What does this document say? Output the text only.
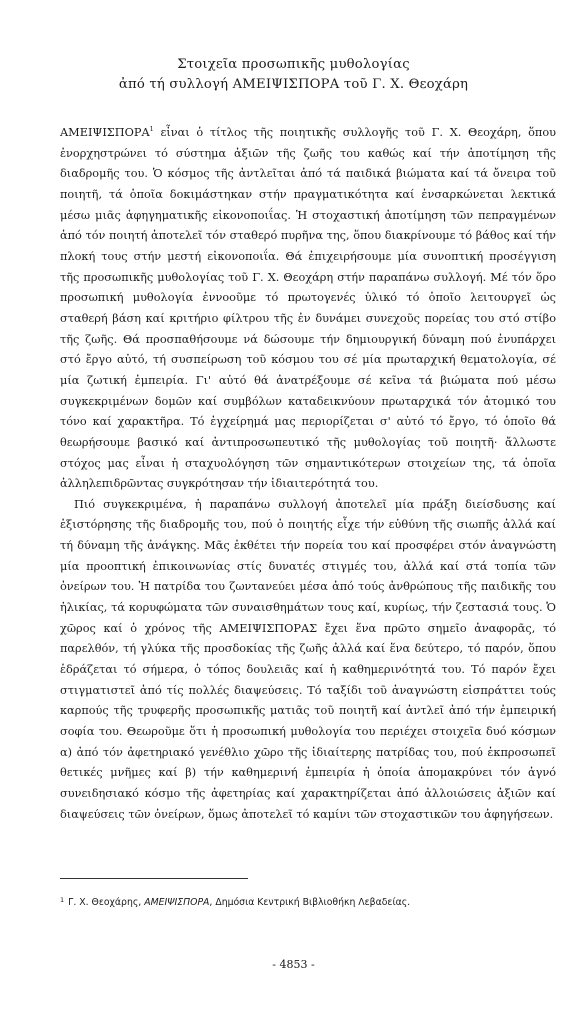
Στοιχεῖα προσωπικῆς μυθολογίας
ἀπό τή συλλογή ΑΜΕΙΨΙΣΠΟΡΑ τοῦ Γ. Χ. Θεοχάρη

ΑΜΕΙΨΙΣΠΟΡΑ$^1$ εἶναι ὁ τίτλος τῆς ποιητικῆς συλλογῆς τοῦ Γ. Χ. Θεοχάρη, ὅπου ἐνορχηστρώνει τό σύστημα ἀξιῶν τῆς ζωῆς του καθώς καί τήν ἀποτίμηση τῆς διαδρομῆς του. Ὁ κόσμος τῆς ἀντλεῖται ἀπό τά παιδικά βιώματα καί τά ὄνειρα τοῦ ποιητῆ, τά ὁποῖα δοκιμάστηκαν στήν πραγματικότητα καί ἐνσαρκώνεται λεκτικά μέσω μιᾶς ἀφηγηματικῆς εἰκονοποιΐας. Ἡ στοχαστική ἀποτίμηση τῶν πεπραγμένων ἀπό τόν ποιητή ἀποτελεῖ τόν σταθερό πυρῆνα της, ὅπου διακρίνουμε τό βάθος καί τήν πλοκή τους στήν μεστή εἰκονοποιΐα. Θά ἐπιχειρήσουμε μία συνοπτική προσέγγιση τῆς προσωπικῆς μυθολογίας τοῦ Γ. Χ. Θεοχάρη στήν παραπάνω συλλογή. Μέ τόν ὅρο προσωπική μυθολογία ἐννοοῦμε τό πρωτογενές ὑλικό τό ὁποῖο λειτουργεῖ ὡς σταθερή βάση καί κριτήριο φίλτρου τῆς ἐν δυνάμει συνεχοῦς πορείας του στό στίβο τῆς ζωῆς. Θά προσπαθήσουμε νά δώσουμε τήν δημιουργική δύναμη πού ἐνυπάρχει στό ἔργο αὐτό, τή συσπείρωση τοῦ κόσμου του σέ μία πρωταρχική θεματολογία, σέ μία ζωτική ἐμπειρία. Γι' αὐτό θά ἀνατρέξουμε σέ κεῖνα τά βιώματα πού μέσω συγκεκριμένων δομῶν καί συμβόλων καταδεικνύουν πρωταρχικά τόν ἀτομικό του τόνο καί χαρακτῆρα. Τό ἐγχείρημά μας περιορίζεται σ' αὐτό τό ἔργο, τό ὁποῖο θά θεωρήσουμε βασικό καί ἀντιπροσωπευτικό τῆς μυθολογίας τοῦ ποιητῆ· ἄλλωστε στόχος μας εἶναι ἡ σταχυολόγηση τῶν σημαντικότερων στοιχείων της, τά ὁποῖα ἀλληλεπιδρῶντας συγκρότησαν τήν ἰδιαιτερότητά του.

Πιό συγκεκριμένα, ἡ παραπάνω συλλογή ἀποτελεῖ μία πράξη διείσδυσης καί ἐξιστόρησης τῆς διαδρομῆς του, πού ὁ ποιητής εἶχε τήν εὐθύνη τῆς σιωπῆς ἀλλά καί τή δύναμη τῆς ἀνάγκης. Μᾶς ἐκθέτει τήν πορεία του καί προσφέρει στόν ἀναγνώστη μία προοπτική ἐπικοινωνίας στίς δυνατές στιγμές του, ἀλλά καί στά τοπία τῶν ὀνείρων του. Ἡ πατρίδα του ζωντανεύει μέσα ἀπό τούς ἀνθρώπους τῆς παιδικῆς του ἡλικίας, τά κορυφώματα τῶν συναισθημάτων τους καί, κυρίως, τήν ζεστασιά τους. Ὁ χῶρος καί ὁ χρόνος τῆς ΑΜΕΙΨΙΣΠΟΡΑΣ ἔχει ἕνα πρῶτο σημεῖο ἀναφορᾶς, τό παρελθόν, τή γλύκα τῆς προσδοκίας τῆς ζωῆς ἀλλά καί ἕνα δεύτερο, τό παρόν, ὅπου ἑδράζεται τό σήμερα, ὁ τόπος δουλειᾶς καί ἡ καθημερινότητά του. Τό παρόν ἔχει στιγματιστεῖ ἀπό τίς πολλές διαψεύσεις. Τό ταξίδι τοῦ ἀναγνώστη εἰσπράττει τούς καρπούς τῆς τρυφερῆς προσωπικῆς ματιᾶς τοῦ ποιητῆ καί ἀντλεῖ ἀπό τήν ἐμπειρική σοφία του. Θεωροῦμε ὅτι ἡ προσωπική μυθολογία του περιέχει στοιχεῖα δυό κόσμων α) ἀπό τόν ἀφετηριακό γενέθλιο χῶρο τῆς ἰδιαίτερης πατρίδας του, πού ἐκπροσωπεῖ θετικές μνῆμες καί β) τήν καθημερινή ἐμπειρία ἡ ὁποία ἀπομακρύνει τόν ἁγνό συνειδησιακό κόσμο τῆς ἀφετηρίας καί χαρακτηρίζεται ἀπό ἀλλοιώσεις ἀξιῶν καί διαψεύσεις τῶν ὀνείρων, ὅμως ἀποτελεῖ τό καμίνι τῶν στοχαστικῶν του ἀφηγήσεων.

$^1$ Γ. Χ. Θεοχάρης, ΑΜΕΙΨΙΣΠΟΡΑ, Δημόσια Κεντρική Βιβλιοθήκη Λεβαδείας.
- 4853 -
